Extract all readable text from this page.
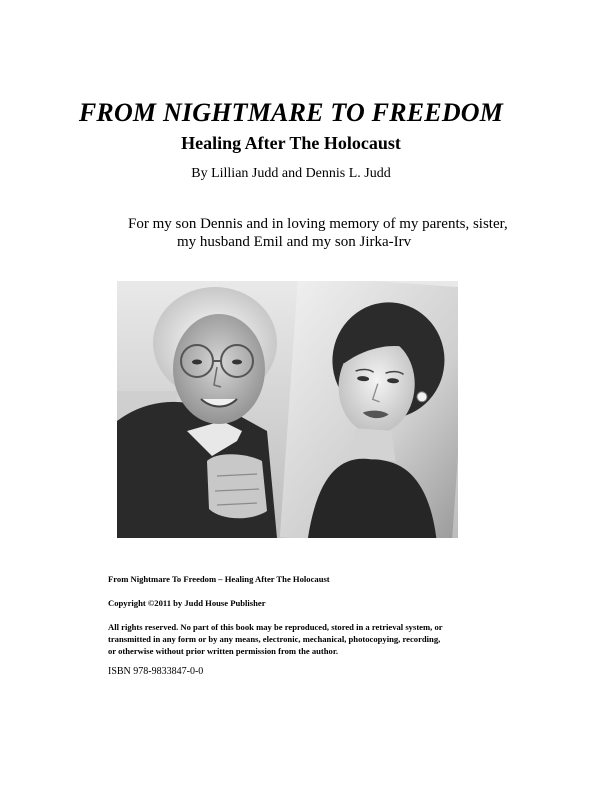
FROM NIGHTMARE TO FREEDOM
Healing After The Holocaust

By Lillian Judd and Dennis L. Judd

For my son Dennis and in loving memory of my parents, sister,

my husband Emil and my son Jirka-Irv

From Nightmare To Freedom – Healing After The Holocaust

Copyright ©2011 by Judd House Publisher

All rights reserved. No part of this book may be reproduced, stored in a retrieval system, or
transmitted in any form or by any means, electronic, mechanical, photocopying, recording,
or otherwise without prior written permission from the author.

ISBN 978-9833847-0-0
